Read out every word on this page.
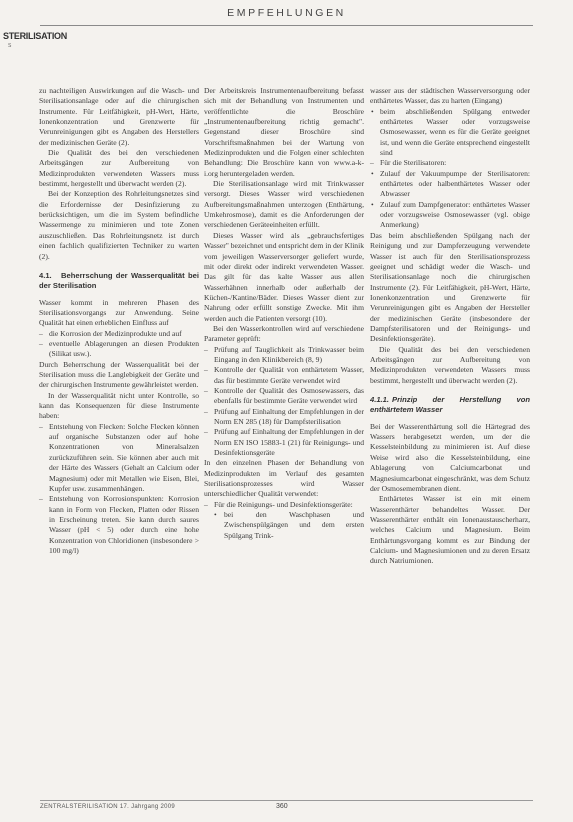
EMPFEHLUNGEN
STERILISATION
S

zu nachteiligen Auswirkungen auf die Wasch- und Sterilisationsanlage oder auf die chirurgischen Instrumente. Für Leitfähigkeit, pH-Wert, Härte, Ionenkonzentration und Grenzwerte für Verunreinigungen gibt es Angaben des Herstellers der medizinischen Geräte (2).

Die Qualität des bei den verschiedenen Arbeitsgängen zur Aufbereitung von Medizinprodukten verwendeten Wassers muss bestimmt, hergestellt und überwacht werden (2).

Bei der Konzeption des Rohrleitungsnetzes sind die Erfordernisse der Desinfizierung zu berücksichtigen, um die im System befindliche Wassermenge zu minimieren und tote Zonen auszuschließen. Das Rohrleitungsnetz ist durch einen fachlich qualifizierten Techniker zu warten (2).

4.1. Beherrschung der Wasserqualität bei der Sterilisation

Wasser kommt in mehreren Phasen des Sterilisationsvorgangs zur Anwendung. Seine Qualität hat einen erheblichen Einfluss auf

– die Korrosion der Medizinprodukte und auf
– eventuelle Ablagerungen an diesen Produkten (Silikat usw.).

Durch Beherrschung der Wasserqualität bei der Sterilisation muss die Langlebigkeit der Geräte und der chirurgischen Instrumente gewährleistet werden.

In der Wasserqualität nicht unter Kontrolle, so kann das Konsequenzen für diese Instrumente haben:

– Entstehung von Flecken: Solche Flecken können auf organische Substanzen oder auf hohe Konzentrationen von Mineralsalzen zurückzuführen sein. Sie können aber auch mit der Härte des Wassers (Gehalt an Calcium oder Magnesium) oder mit Metallen wie Eisen, Blei, Kupfer usw. zusammenhängen.
– Entstehung von Korrosionspunkten: Korrosion kann in Form von Flecken, Platten oder Rissen in Erscheinung treten. Sie kann durch saures Wasser (pH < 5) oder durch eine hohe Konzentration von Chloridionen (insbesondere > 100 mg/l)

Der Arbeitskreis Instrumentenaufbereitung befasst sich mit der Behandlung von Instrumenten und veröffentlichte die Broschüre „Instrumentenaufbereitung richtig gemacht". Gegenstand dieser Broschüre sind Vorschriftsmaßnahmen bei der Wartung von Medizinprodukten und die Folgen einer schlechten Behandlung: Die Broschüre kann von www.a-k-i.org heruntergeladen werden.

Die Sterilisationsanlage wird mit Trinkwasser versorgt. Dieses Wasser wird verschiedenen Aufbereitungsmaßnahmen unterzogen (Enthärtung, Umkehrosmose), damit es die Anforderungen der verschiedenen Geräteeinheiten erfüllt.

Dieses Wasser wird als „gebrauchsfertiges Wasser" bezeichnet und entspricht dem in der Klinik vom jeweiligen Wasserversorger geliefert wurde, mit oder direkt oder indirekt verwendeten Wasser. Das gilt für das kalte Wasser aus allen Wasserhähnen innerhalb oder außerhalb der Küchen-/Kantine/Bäder. Dieses Wasser dient zur Nahrung oder erfüllt sonstige Zwecke. Mit ihm werden auch die Patienten versorgt (10).

Bei den Wasserkontrollen wird auf verschiedene Parameter geprüft:

– Prüfung auf Tauglichkeit als Trinkwasser beim Eingang in den Klinikbereich (8, 9)
– Kontrolle der Qualität von enthärtetem Wasser, das für bestimmte Geräte verwendet wird
– Kontrolle der Qualität des Osmosewassers, das ebenfalls für bestimmte Geräte verwendet wird
– Prüfung auf Einhaltung der Empfehlungen in der Norm EN 285 (18) für Dampfsterilisation
– Prüfung auf Einhaltung der Empfehlungen in der Norm EN ISO 15883-1 (21) für Reinigungs- und Desinfektionsgeräte

In den einzelnen Phasen der Behandlung von Medizinprodukten im Verlauf des gesamten Sterilisationsprozesses wird Wasser unterschiedlicher Qualität verwendet:

– Für die Reinigungs- und Desinfektionsgeräte:
• bei den Waschphasen und Zwischenspülgängen und dem ersten Spülgang Trink-

wasser aus der städtischen Wasserversorgung oder enthärtetes Wasser, das zu harten (Eingang)

• beim abschließenden Spülgang entweder enthärtetes Wasser oder vorzugsweise Osmosewasser, wenn es für die Geräte geeignet ist, und wenn die Geräte entsprechend eingestellt sind
– Für die Sterilisatoren:
• Zulauf der Vakuumpumpe der Sterilisatoren: enthärtetes oder halbenthärtetes Wasser oder Abwasser
• Zulauf zum Dampfgenerator: enthärtetes Wasser oder vorzugsweise Osmosewasser (vgl. obige Anmerkung)

Das beim abschließenden Spülgang nach der Reinigung und zur Dampferzeugung verwendete Wasser ist auch für den Sterilisationsprozess geeignet und schädigt weder die Wasch- und Sterilisationsanlage noch die chirurgischen Instrumente (2). Für Leitfähigkeit, pH-Wert, Härte, Ionenkonzentration und Grenzwerte für Verunreinigungen gibt es Angaben der Hersteller der medizinischen Geräte (insbesondere der Dampfsterilisatoren und der Reinigungs- und Desinfektionsgeräte).

Die Qualität des bei den verschiedenen Arbeitsgängen zur Aufbereitung von Medizinprodukten verwendeten Wassers muss bestimmt, hergestellt und überwacht werden (2).

4.1.1. Prinzip der Herstellung von enthärtetem Wasser

Bei der Wasserenthärtung soll die Härtegrad des Wassers herabgesetzt werden, um der die Kesselsteinbildung zu minimieren ist. Auf diese Weise wird also die Kesselsteinbildung, eine Ablagerung von Calciumcarbonat und Magnesiumcarbonat eingeschränkt, was dem Schutz der Osmosemembranen dient.

Enthärtetes Wasser ist ein mit einem Wasserenthärter behandeltes Wasser. Der Wasserenthärter enthält ein Ionenaustauscherharz, welches Calcium und Magnesium. Beim Enthärtungsvorgang kommt es zur Bindung der Calcium- und Magnesiumionen und zu deren Ersatz durch Natriumionen.

ZENTRALSTERILISATION 17. Jahrgang 2009	360
